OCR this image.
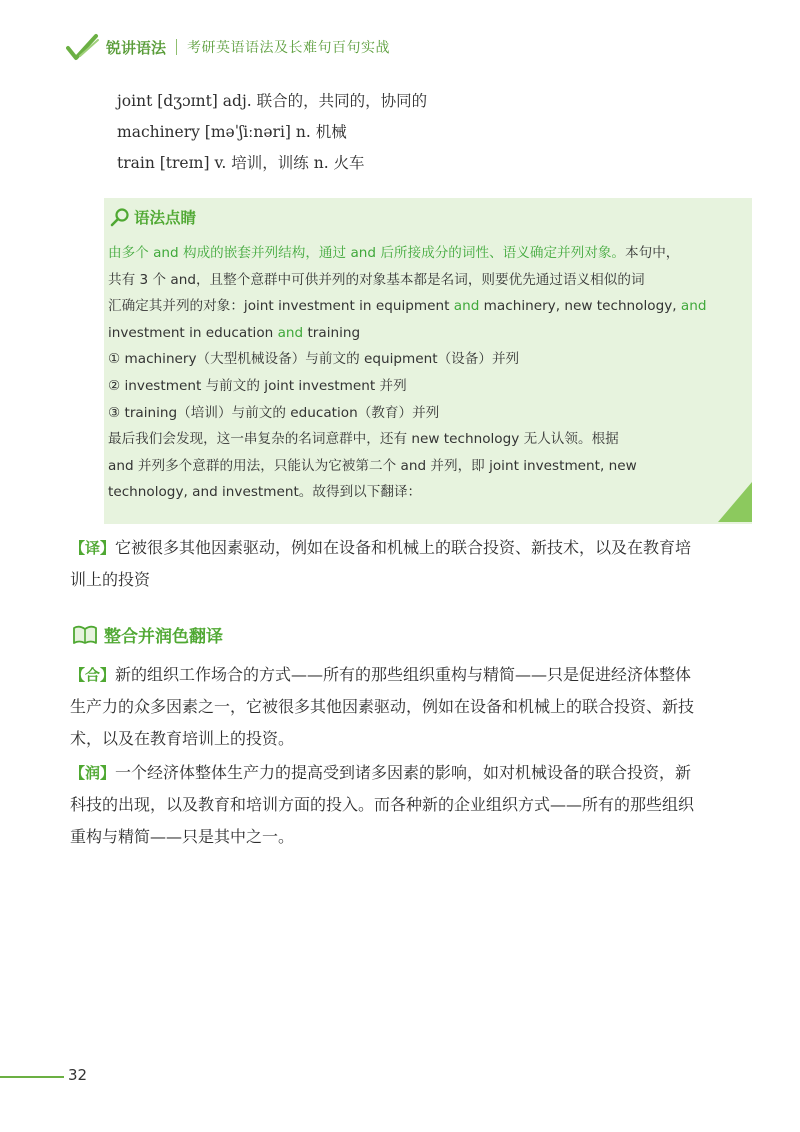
锐讲语法 考研英语语法及长难句百句实战
joint [dʒɔɪnt] adj. 联合的，共同的，协同的
machinery [məˈʃiːnəri] n. 机械
train [treɪn] v. 培训，训练 n. 火车
语法点睛
由多个 and 构成的嵌套并列结构，通过 and 后所接成分的词性、语义确定并列对象。本句中，
共有 3 个 and，且整个意群中可供并列的对象基本都是名词，则要优先通过语义相似的词
汇确定其并列的对象：joint investment in equipment and machinery, new technology, and
investment in education and training
① machinery（大型机械设备）与前文的 equipment（设备）并列
② investment 与前文的 joint investment 并列
③ training（培训）与前文的 education（教育）并列
最后我们会发现，这一串复杂的名词意群中，还有 new technology 无人认领。根据
and 并列多个意群的用法，只能认为它被第二个 and 并列，即 joint investment, new
technology, and investment。故得到以下翻译：
【译】它被很多其他因素驱动，例如在设备和机械上的联合投资、新技术，以及在教育培
训上的投资
整合并润色翻译
【合】新的组织工作场合的方式——所有的那些组织重构与精简——只是促进经济体整体
生产力的众多因素之一，它被很多其他因素驱动，例如在设备和机械上的联合投资、新技
术，以及在教育培训上的投资。
【润】一个经济体整体生产力的提高受到诸多因素的影响，如对机械设备的联合投资，新
科技的出现，以及教育和培训方面的投入。而各种新的企业组织方式——所有的那些组织
重构与精简——只是其中之一。
32
